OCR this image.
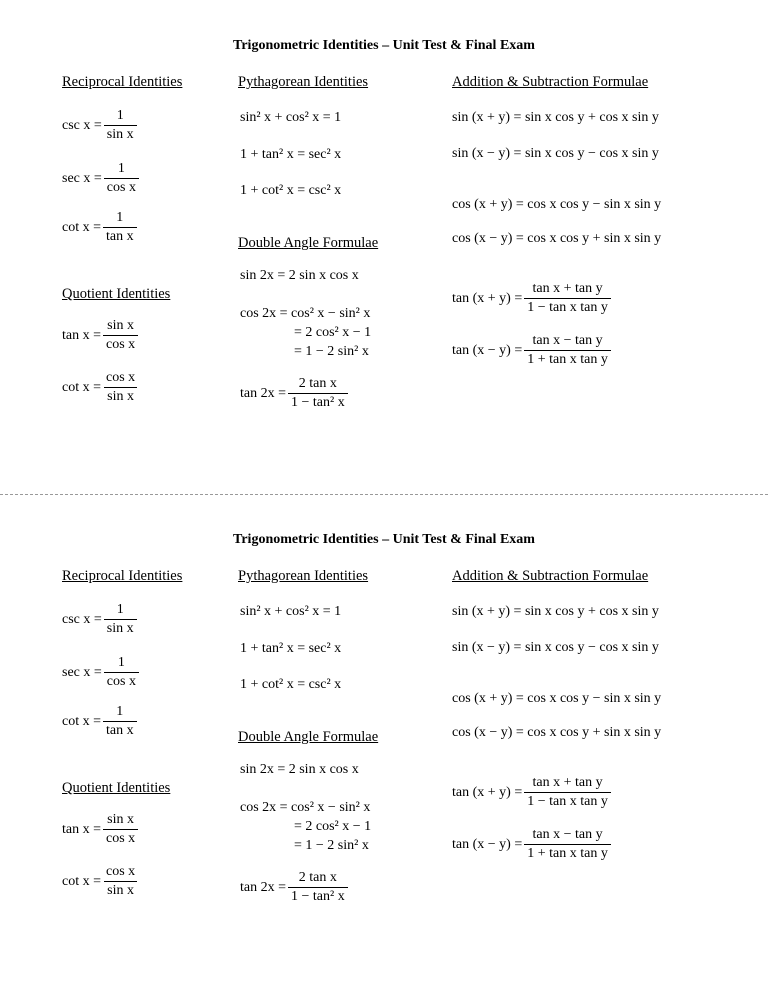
Trigonometric Identities – Unit Test & Final Exam
Reciprocal Identities	Pythagorean Identities	Addition & Subtraction Formulae
$\csc x = \frac{1}{\text{sin x}}$
$\sec x = \frac{1}{\text{cos x}}$
$\cot x = \frac{1}{\text{tan x}}$
Quotient Identities
$\tan x = \frac{\text{sin x}}{\text{cos x}}$
$\cot x = \frac{\text{cos x}}{\text{sin x}}$
sin² x + cos² x = 1
1 + tan² x = sec² x
1 + cot² x = csc² x
Double Angle Formulae
sin 2x = 2 sin x cos x
cos 2x = cos² x − sin² x
= 2 cos² x − 1
= 1 − 2 sin² x
$\tan 2x = \frac{\text{2 tan x}}{\text{1 − tan² x}}$
sin (x + y) = sin x cos y + cos x sin y
sin (x − y) = sin x cos y − cos x sin y
cos (x + y) = cos x cos y − sin x sin y
cos (x − y) = cos x cos y + sin x sin y
$\tan (x + y) = \frac{\text{tan x + tan y}}{\text{1 − tan x tan y}}$
$\tan (x - y) = \frac{\text{tan x − tan y}}{\text{1 + tan x tan y}}$
Trigonometric Identities – Unit Test & Final Exam
Reciprocal Identities	Pythagorean Identities	Addition & Subtraction Formulae
$\csc x = \frac{1}{\text{sin x}}$
$\sec x = \frac{1}{\text{cos x}}$
$\cot x = \frac{1}{\text{tan x}}$
Quotient Identities
$\tan x = \frac{\text{sin x}}{\text{cos x}}$
$\cot x = \frac{\text{cos x}}{\text{sin x}}$
sin² x + cos² x = 1
1 + tan² x = sec² x
1 + cot² x = csc² x
Double Angle Formulae
sin 2x = 2 sin x cos x
cos 2x = cos² x − sin² x
= 2 cos² x − 1
= 1 − 2 sin² x
$\tan 2x = \frac{\text{2 tan x}}{\text{1 − tan² x}}$
sin (x + y) = sin x cos y + cos x sin y
sin (x − y) = sin x cos y − cos x sin y
cos (x + y) = cos x cos y − sin x sin y
cos (x − y) = cos x cos y + sin x sin y
$\tan (x + y) = \frac{\text{tan x + tan y}}{\text{1 − tan x tan y}}$
$\tan (x - y) = \frac{\text{tan x − tan y}}{\text{1 + tan x tan y}}$
